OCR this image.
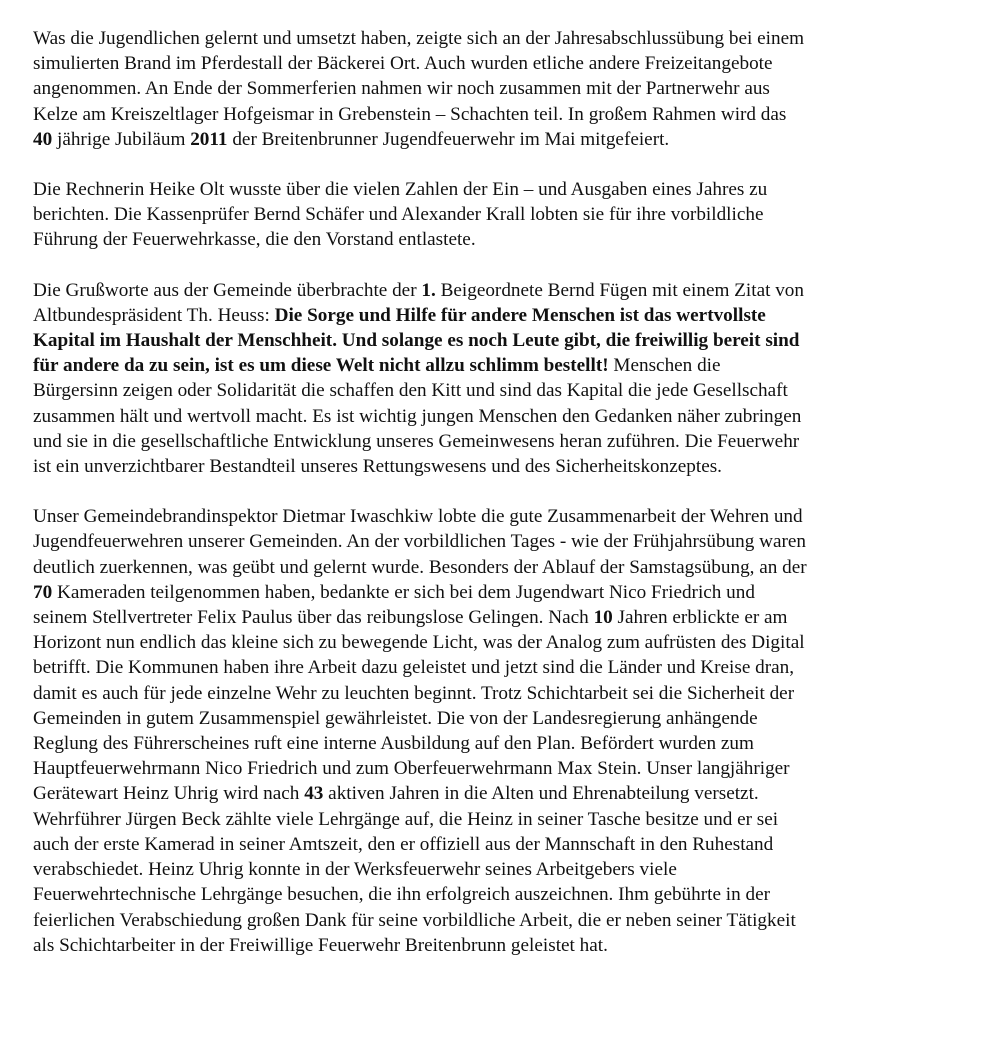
Was die Jugendlichen gelernt und umsetzt haben, zeigte sich an der Jahresabschlussübung bei einem
simulierten Brand im Pferdestall der Bäckerei Ort. Auch wurden etliche andere Freizeitangebote
angenommen. An Ende der Sommerferien nahmen wir noch zusammen mit der Partnerwehr aus
Kelze am Kreiszeltlager Hofgeismar in Grebenstein – Schachten teil. In großem Rahmen wird das
40 jährige Jubiläum 2011 der Breitenbrunner Jugendfeuerwehr im Mai mitgefeiert.

Die Rechnerin Heike Olt wusste über die vielen Zahlen der Ein – und Ausgaben eines Jahres zu
berichten. Die Kassenprüfer Bernd Schäfer und Alexander Krall lobten sie für ihre vorbildliche
Führung der Feuerwehrkasse, die den Vorstand entlastete.

Die Grußworte aus der Gemeinde überbrachte der 1. Beigeordnete Bernd Fügen mit einem Zitat von
Altbundespräsident Th. Heuss: Die Sorge und Hilfe für andere Menschen ist das wertvollste
Kapital im Haushalt der Menschheit. Und solange es noch Leute gibt, die freiwillig bereit sind
für andere da zu sein, ist es um diese Welt nicht allzu schlimm bestellt! Menschen die
Bürgersinn zeigen oder Solidarität die schaffen den Kitt und sind das Kapital die jede Gesellschaft
zusammen hält und wertvoll macht. Es ist wichtig jungen Menschen den Gedanken näher zubringen
und sie in die gesellschaftliche Entwicklung unseres Gemeinwesens heran zuführen. Die Feuerwehr
ist ein unverzichtbarer Bestandteil unseres Rettungswesens und des Sicherheitskonzeptes.

Unser Gemeindebrandinspektor Dietmar Iwaschkiw lobte die gute Zusammenarbeit der Wehren und
Jugendfeuerwehren unserer Gemeinden. An der vorbildlichen Tages - wie der Frühjahrsübung waren
deutlich zuerkennen, was geübt und gelernt wurde. Besonders der Ablauf der Samstagsübung, an der
70 Kameraden teilgenommen haben, bedankte er sich bei dem Jugendwart Nico Friedrich und
seinem Stellvertreter Felix Paulus über das reibungslose Gelingen. Nach 10 Jahren erblickte er am
Horizont nun endlich das kleine sich zu bewegende Licht, was der Analog zum aufrüsten des Digital
betrifft. Die Kommunen haben ihre Arbeit dazu geleistet und jetzt sind die Länder und Kreise dran,
damit es auch für jede einzelne Wehr zu leuchten beginnt. Trotz Schichtarbeit sei die Sicherheit der
Gemeinden in gutem Zusammenspiel gewährleistet. Die von der Landesregierung anhängende
Reglung des Führerscheines ruft eine interne Ausbildung auf den Plan. Befördert wurden zum
Hauptfeuerwehrmann Nico Friedrich und zum Oberfeuerwehrmann Max Stein. Unser langjähriger
Gerätewart Heinz Uhrig wird nach 43 aktiven Jahren in die Alten und Ehrenabteilung versetzt.
Wehrführer Jürgen Beck zählte viele Lehrgänge auf, die Heinz in seiner Tasche besitze und er sei
auch der erste Kamerad in seiner Amtszeit, den er offiziell aus der Mannschaft in den Ruhestand
verabschiedet. Heinz Uhrig konnte in der Werksfeuerwehr seines Arbeitgebers viele
Feuerwehrtechnische Lehrgänge besuchen, die ihn erfolgreich auszeichnen. Ihm gebührte in der
feierlichen Verabschiedung großen Dank für seine vorbildliche Arbeit, die er neben seiner Tätigkeit
als Schichtarbeiter in der Freiwillige Feuerwehr Breitenbrunn geleistet hat.
